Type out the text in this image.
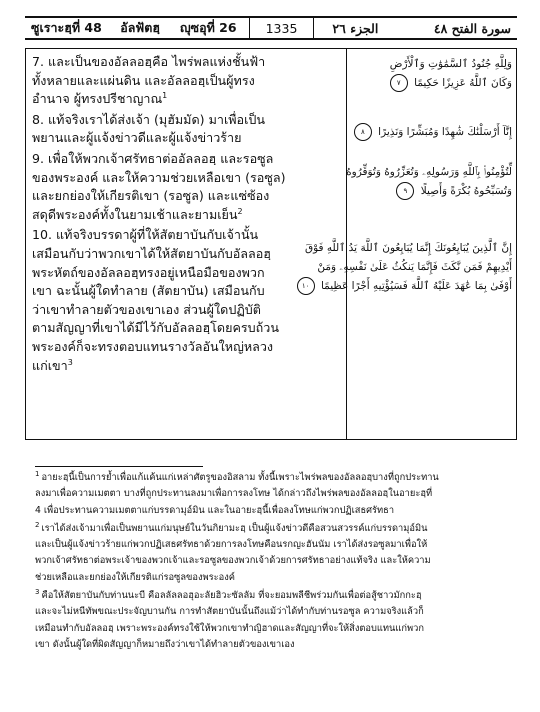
ซูเราะฮฺที่ 48 อัลฟัตฮฺ ญุซอุที่ 26	1335	الجزء ٢٦	سورة الفتح ٤٨

7. และเป็นของอัลลอฮฺคือ ไพร่พลแห่งชั้นฟ้า

ทั้งหลายและแผ่นดิน และอัลลอฮฺเป็นผู้ทรง

อำนาจ ผู้ทรงปรีชาญาณ$^1$

8. แท้จริงเราได้ส่งเจ้า (มุฮัมมัด) มาเพื่อเป็น

พยานและผู้แจ้งข่าวดีและผู้แจ้งข่าวร้าย

9. เพื่อให้พวกเจ้าศรัทธาต่ออัลลอฮฺ และรอซูล

ของพระองค์ และให้ความช่วยเหลือเขา (รอซูล)

และยกย่องให้เกียรติเขา (รอซูล) และแซ่ซ้อง

สดุดีพระองค์ทั้งในยามเช้าและยามเย็น$^2$

10. แท้จริงบรรดาผู้ที่ให้สัตยาบันกับเจ้านั้น

เสมือนกับว่าพวกเขาได้ให้สัตยาบันกับอัลลอฮฺ

พระหัตถ์ของอัลลอฮฺทรงอยู่เหนือมือของพวก

เขา ฉะนั้นผู้ใดทำลาย (สัตยาบัน) เสมือนกับ

ว่าเขาทำลายตัวของเขาเอง ส่วนผู้ใดปฏิบัติ

ตามสัญญาที่เขาได้มีไว้กับอัลลอฮฺโดยครบถ้วน

พระองค์ก็จะทรงตอบแทนรางวัลอันใหญ่หลวง

แก่เขา$^3$

وَلِلَّهِ جُنُودُ ٱلسَّمَٰوَٰتِ وَٱلْأَرْضِ

وَكَانَ ٱللَّهُ عَزِيزًا حَكِيمًا ٧

إِنَّآ أَرْسَلْنَٰكَ شَٰهِدًا وَمُبَشِّرًا وَنَذِيرًا ٨

لِّتُؤْمِنُوا۟ بِٱللَّهِ وَرَسُولِهِۦ وَتُعَزِّرُوهُ وَتُوَقِّرُوهُ

وَتُسَبِّحُوهُ بُكْرَةً وَأَصِيلًا ٩

إِنَّ ٱلَّذِينَ يُبَايِعُونَكَ إِنَّمَا يُبَايِعُونَ ٱللَّهَ يَدُ ٱللَّهِ فَوْقَ

أَيْدِيهِمْ فَمَن نَّكَثَ فَإِنَّمَا يَنكُثُ عَلَىٰ نَفْسِهِۦ وَمَنْ

أَوْفَىٰ بِمَا عَٰهَدَ عَلَيْهُ ٱللَّهَ فَسَيُؤْتِيهِ أَجْرًا عَظِيمًا ١٠

$^1$ อายะฮฺนี้เป็นการย้ำเพื่อแก้แค้นแก่เหล่าศัตรูของอิสลาม ทั้งนี้เพราะไพร่พลของอัลลอฮฺบางที่ถูกประทาน

ลงมาเพื่อความเมตตา บางที่ถูกประทานลงมาเพื่อการลงโทษ ได้กล่าวถึงไพร่พลของอัลลอฮฺในอายะฮฺที่

4 เพื่อประทานความเมตตาแก่บรรดามุอ์มิน และในอายะฮฺนี้เพื่อลงโทษแก่พวกปฏิเสธศรัทธา

$^2$ เราได้ส่งเจ้ามาเพื่อเป็นพยานแก่มนุษย์ในวันกิยามะฮฺ เป็นผู้แจ้งข่าวดีคือสวนสวรรค์แก่บรรดามุอ์มิน

และเป็นผู้แจ้งข่าวร้ายแก่พวกปฏิเสธศรัทธาด้วยการลงโทษคือนรกญะฮันนัม เราได้ส่งรอซูลมาเพื่อให้

พวกเจ้าศรัทธาต่อพระเจ้าของพวกเจ้าและรอซูลของพวกเจ้าด้วยการศรัทธาอย่างแท้จริง และให้ความ

ช่วยเหลือและยกย่องให้เกียรติแก่รอซูลของพระองค์

$^3$ คือให้สัตยาบันกับท่านนะบี คือลลัลลอฮุอะลัยฮิวะซัลลัม ที่จะยอมพลีชีพร่วมกันเพื่อต่อสู้ชาวมักกะฮฺ

และจะไม่หนีทัพขณะประจัญบานกัน การทำสัตยาบันนั้นถึงแม้ว่าได้ทำกับท่านรอซูล ความจริงแล้วก็

เหมือนทำกับอัลลอฮฺ เพราะพระองค์ทรงใช้ให้พวกเขาทำญิฮาดและสัญญาที่จะให้สิ่งตอบแทนแก่พวก

เขา ดังนั้นผู้ใดที่ผิดสัญญาก็หมายถึงว่าเขาได้ทำลายตัวของเขาเอง
